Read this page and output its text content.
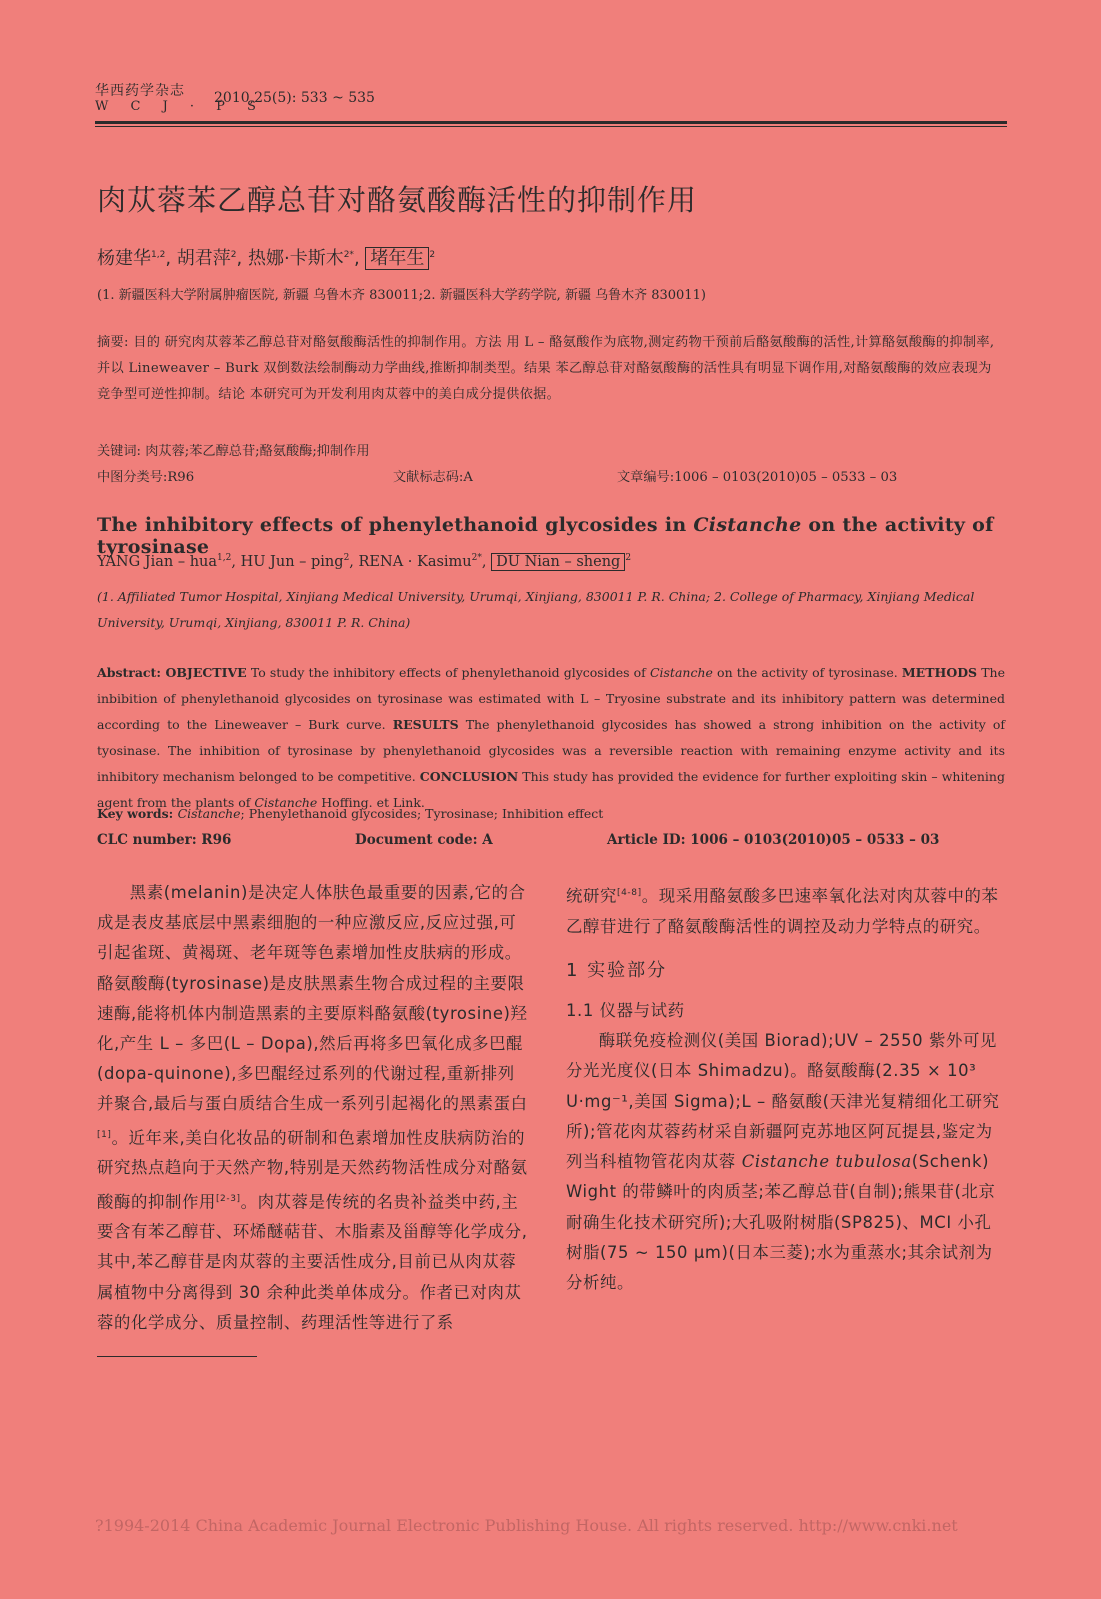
华西药学杂志
W C J · P S
2010,25(5): 533 ~ 535
肉苁蓉苯乙醇总苷对酪氨酸酶活性的抑制作用
杨建华$^{1,2}$, 胡君萍$^2$, 热娜·卡斯木$^{2*}$, 堵年生 $^2$
(1. 新疆医科大学附属肿瘤医院, 新疆 乌鲁木齐 830011;2. 新疆医科大学药学院, 新疆 乌鲁木齐 830011)
摘要: 目的 研究肉苁蓉苯乙醇总苷对酪氨酸酶活性的抑制作用。方法 用 L – 酪氨酸作为底物,测定药物干预前后酪氨酸酶的活性,计算酪氨酸酶的抑制率,并以 Lineweaver – Burk 双倒数法绘制酶动力学曲线,推断抑制类型。结果 苯乙醇总苷对酪氨酸酶的活性具有明显下调作用,对酪氨酸酶的效应表现为竞争型可逆性抑制。结论 本研究可为开发利用肉苁蓉中的美白成分提供依据。
关键词: 肉苁蓉;苯乙醇总苷;酪氨酸酶;抑制作用
中图分类号:R96	文献标志码:A	文章编号:1006 – 0103(2010)05 – 0533 – 03
The inhibitory effects of phenylethanoid glycosides in Cistanche on the activity of tyrosinase
YANG Jian – hua$^{1,2}$, HU Jun – ping$^2$, RENA · Kasimu$^{2*}$, DU Nian – sheng $^2$
(1. Affiliated Tumor Hospital, Xinjiang Medical University, Urumqi, Xinjiang, 830011 P. R. China; 2. College of Pharmacy, Xinjiang Medical University, Urumqi, Xinjiang, 830011 P. R. China)
Abstract: OBJECTIVE To study the inhibitory effects of phenylethanoid glycosides of Cistanche on the activity of tyrosinase. METHODS The inbibition of phenylethanoid glycosides on tyrosinase was estimated with L – Tryosine substrate and its inhibitory pattern was determined according to the Lineweaver – Burk curve. RESULTS The phenylethanoid glycosides has showed a strong inhibition on the activity of tyosinase. The inhibition of tyrosinase by phenylethanoid glycosides was a reversible reaction with remaining enzyme activity and its inhibitory mechanism belonged to be competitive. CONCLUSION This study has provided the evidence for further exploiting skin – whitening agent from the plants of Cistanche Hoffing. et Link.
Key words: Cistanche; Phenylethanoid glycosides; Tyrosinase; Inhibition effect
CLC number: R96	Document code: A	Article ID: 1006 – 0103(2010)05 – 0533 – 03

黑素(melanin)是决定人体肤色最重要的因素,它的合成是表皮基底层中黑素细胞的一种应激反应,反应过强,可引起雀斑、黄褐斑、老年斑等色素增加性皮肤病的形成。酪氨酸酶(tyrosinase)是皮肤黑素生物合成过程的主要限速酶,能将机体内制造黑素的主要原料酪氨酸(tyrosine)羟化,产生 L – 多巴(L – Dopa),然后再将多巴氧化成多巴醌(dopa-quinone),多巴醌经过系列的代谢过程,重新排列并聚合,最后与蛋白质结合生成一系列引起褐化的黑素蛋白[1]。近年来,美白化妆品的研制和色素增加性皮肤病防治的研究热点趋向于天然产物,特别是天然药物活性成分对酪氨酸酶的抑制作用[2-3]。肉苁蓉是传统的名贵补益类中药,主要含有苯乙醇苷、环烯醚萜苷、木脂素及甾醇等化学成分,其中,苯乙醇苷是肉苁蓉的主要活性成分,目前已从肉苁蓉属植物中分离得到 30 余种此类单体成分。作者已对肉苁蓉的化学成分、质量控制、药理活性等进行了系

统研究[4-8]。现采用酪氨酸多巴速率氧化法对肉苁蓉中的苯乙醇苷进行了酪氨酸酶活性的调控及动力学特点的研究。

1 实验部分
1.1 仪器与试药

酶联免疫检测仪(美国 Biorad);UV – 2550 紫外可见分光光度仪(日本 Shimadzu)。酪氨酸酶(2.35 × 10³ U·mg⁻¹,美国 Sigma);L – 酪氨酸(天津光复精细化工研究所);管花肉苁蓉药材采自新疆阿克苏地区阿瓦提县,鉴定为列当科植物管花肉苁蓉 Cistanche tubulosa(Schenk) Wight 的带鳞叶的肉质茎;苯乙醇总苷(自制);熊果苷(北京耐确生化技术研究所);大孔吸附树脂(SP825)、MCI 小孔树脂(75 ~ 150 μm)(日本三菱);水为重蒸水;其余试剂为分析纯。

?1994-2014 China Academic Journal Electronic Publishing House. All rights reserved. http://www.cnki.net
